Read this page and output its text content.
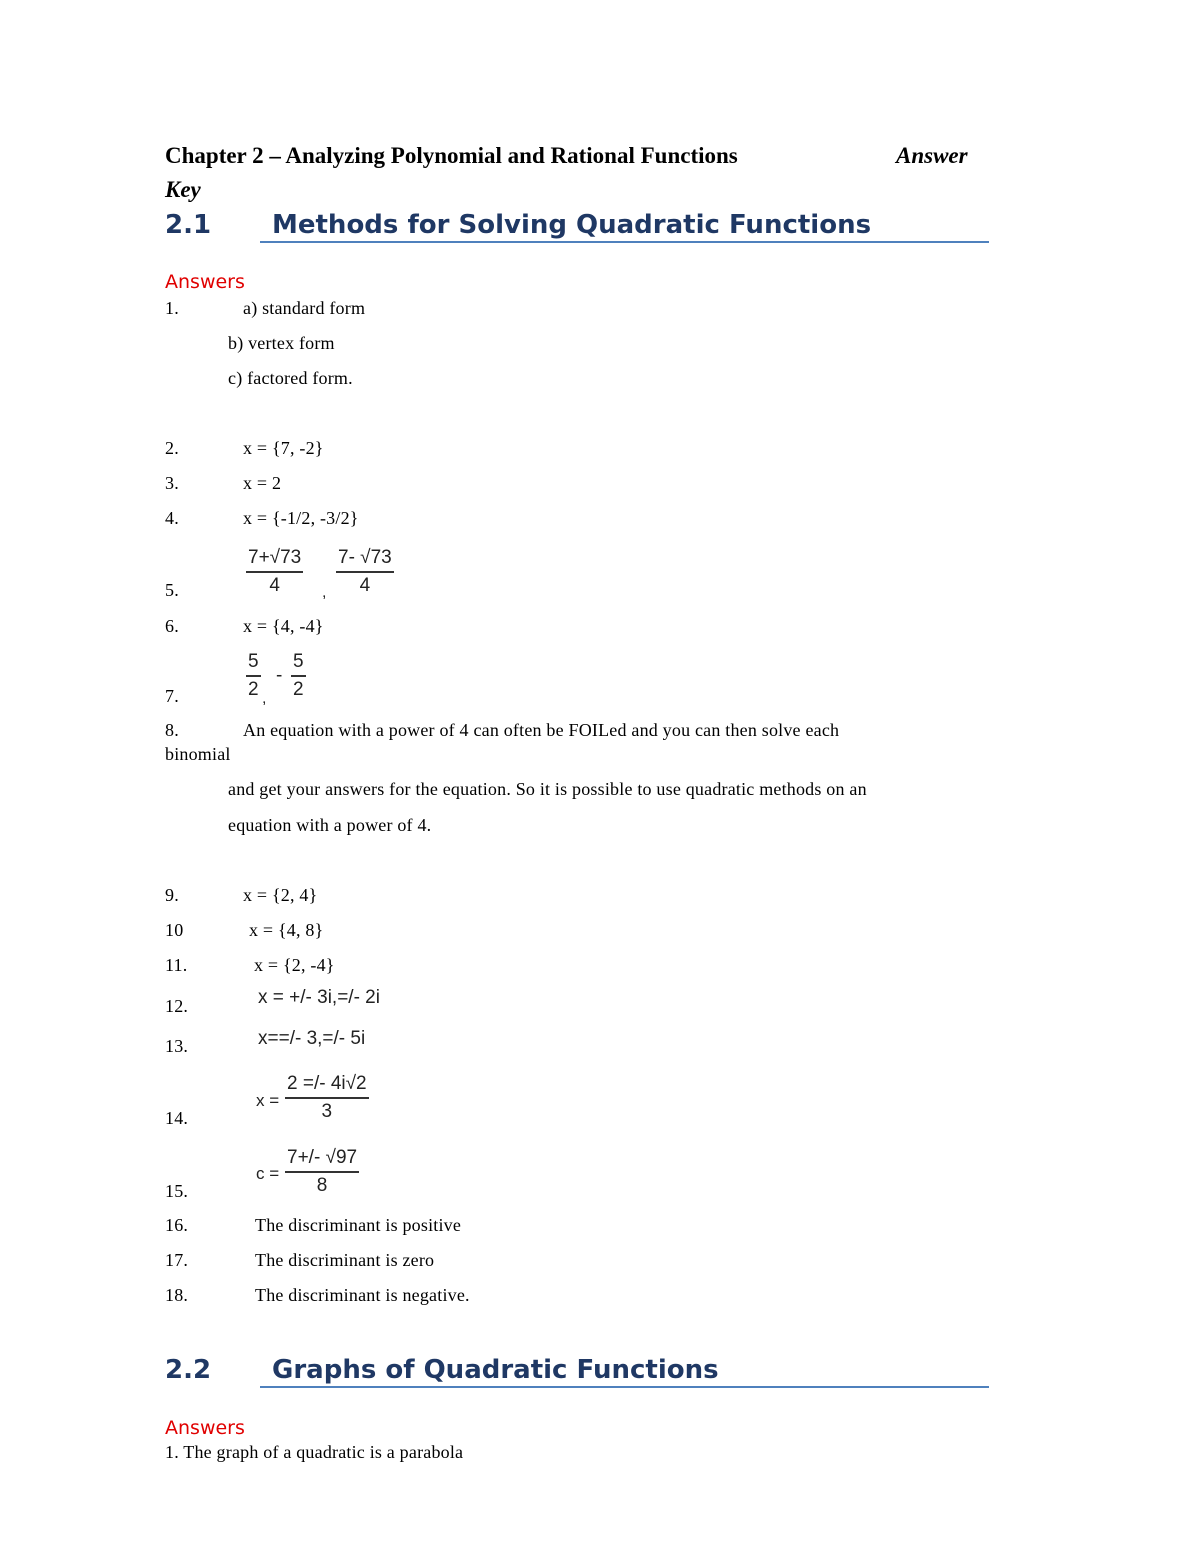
Chapter 2 – Analyzing Polynomial and Rational Functions	Answer
Key
2.1 Methods for Solving Quadratic Functions
Answers
1.	a) standard form
b) vertex form
c) factored form.
2.	x = {7, -2}
3.	x = 2
4.	x = {-1/2, -3/2}
5.
7+√73
4	,
7- √73
4
6.	x = {4, -4}
7.
5
2 ,
-
5
2
8.	An equation with a power of 4 can often be FOILed and you can then solve each
binomial
and get your answers for the equation. So it is possible to use quadratic methods on an
equation with a power of 4.
9.	x = {2, 4}
10	x = {4, 8}
11.	x = {2, -4}
12.	x = +/- 3i,=/- 2i
13.	x==/- 3,=/- 5i
14.
x =
2 =/- 4i√2
3
15.
c =
7+/- √97
8
16.	The discriminant is positive
17.	The discriminant is zero
18.	The discriminant is negative.
2.2 Graphs of Quadratic Functions
Answers
1. The graph of a quadratic is a parabola
